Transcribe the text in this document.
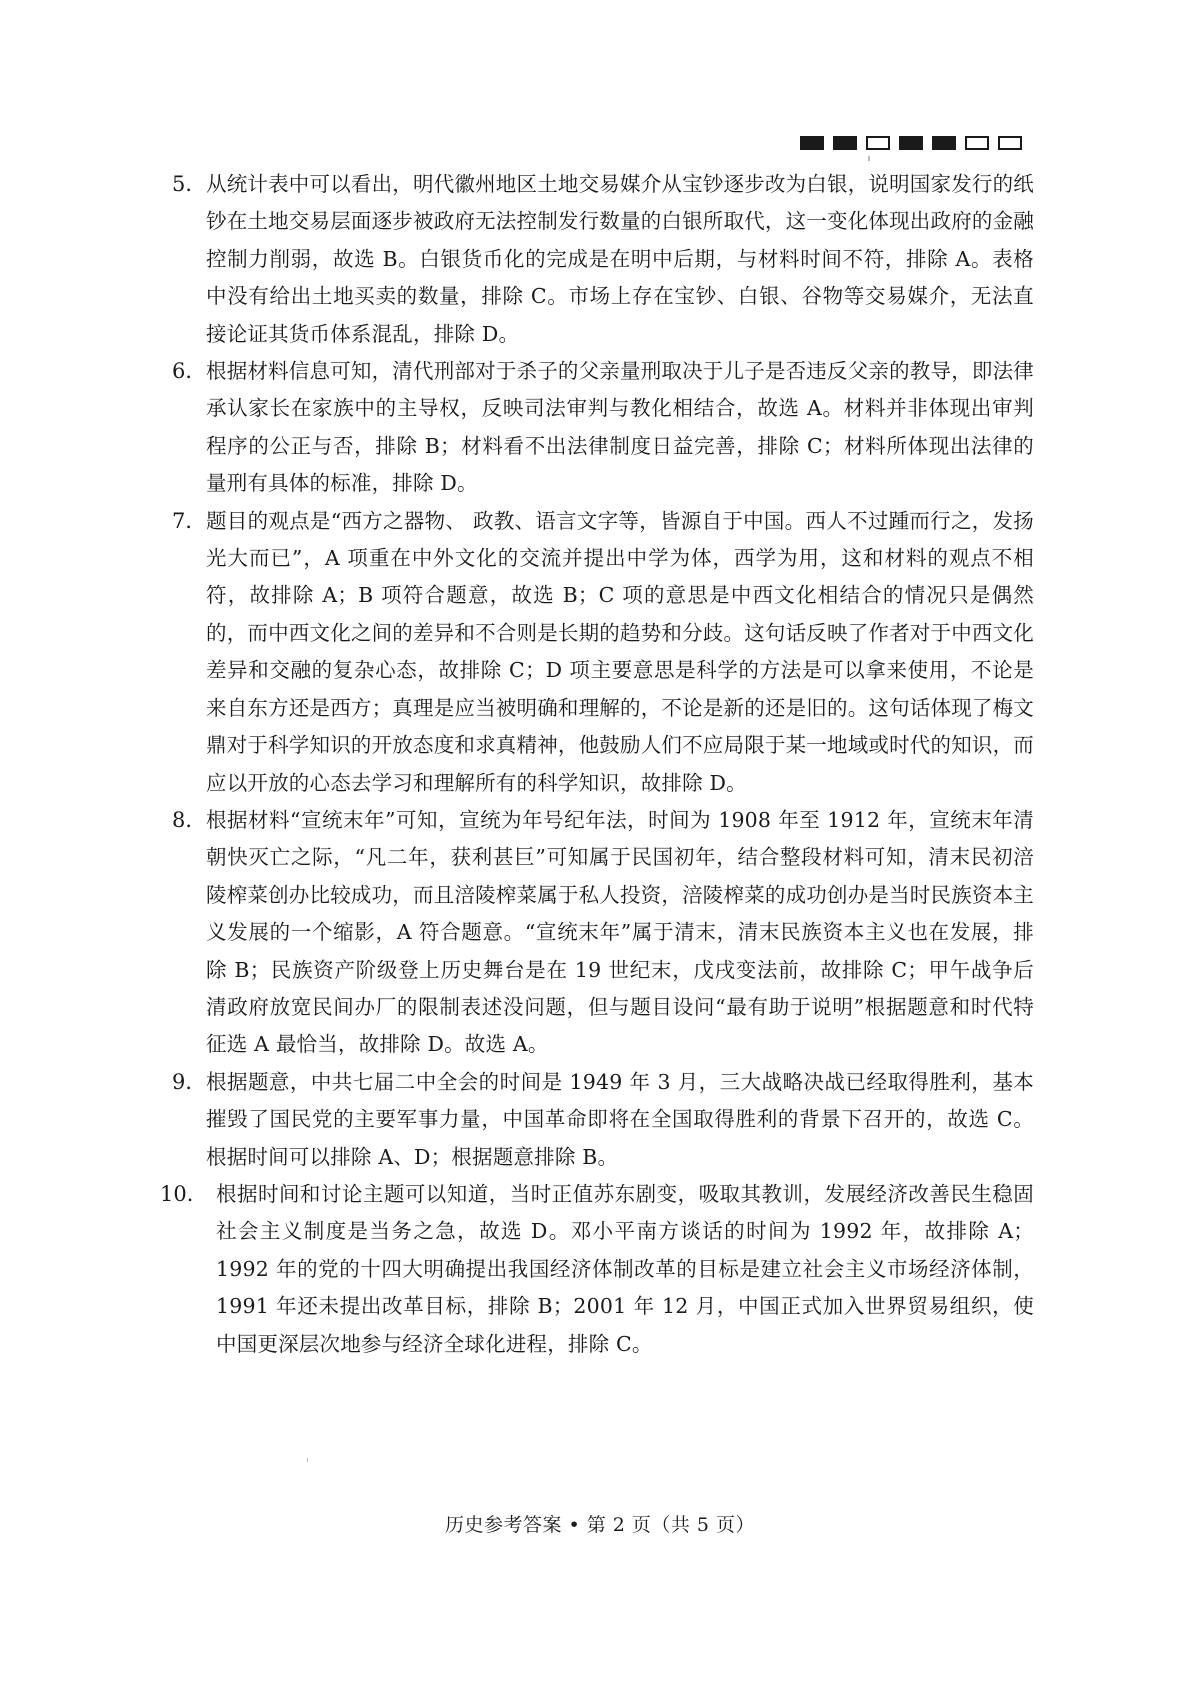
5． 从统计表中可以看出，明代徽州地区土地交易媒介从宝钞逐步改为白银，说明国家发行的纸钞在土地交易层面逐步被政府无法控制发行数量的白银所取代，这一变化体现出政府的金融控制力削弱，故选 B。白银货币化的完成是在明中后期，与材料时间不符，排除 A。表格中没有给出土地买卖的数量，排除 C。市场上存在宝钞、白银、谷物等交易媒介，无法直接论证其货币体系混乱，排除 D。

6． 根据材料信息可知，清代刑部对于杀子的父亲量刑取决于儿子是否违反父亲的教导，即法律承认家长在家族中的主导权，反映司法审判与教化相结合，故选 A。材料并非体现出审判程序的公正与否，排除 B；材料看不出法律制度日益完善，排除 C；材料所体现出法律的量刑有具体的标准，排除 D。

7． 题目的观点是“西方之器物、 政教、语言文字等，皆源自于中国。西人不过踵而行之，发扬光大而已”，A 项重在中外文化的交流并提出中学为体，西学为用，这和材料的观点不相符，故排除 A；B 项符合题意，故选 B；C 项的意思是中西文化相结合的情况只是偶然的，而中西文化之间的差异和不合则是长期的趋势和分歧。这句话反映了作者对于中西文化差异和交融的复杂心态，故排除 C；D 项主要意思是科学的方法是可以拿来使用，不论是来自东方还是西方；真理是应当被明确和理解的，不论是新的还是旧的。这句话体现了梅文鼎对于科学知识的开放态度和求真精神，他鼓励人们不应局限于某一地域或时代的知识，而应以开放的心态去学习和理解所有的科学知识，故排除 D。

8． 根据材料“宣统末年”可知，宣统为年号纪年法，时间为 1908 年至 1912 年，宣统末年清朝快灭亡之际，“凡二年，获利甚巨”可知属于民国初年，结合整段材料可知，清末民初涪陵榨菜创办比较成功，而且涪陵榨菜属于私人投资，涪陵榨菜的成功创办是当时民族资本主义发展的一个缩影，A 符合题意。“宣统末年”属于清末，清末民族资本主义也在发展，排除 B；民族资产阶级登上历史舞台是在 19 世纪末，戊戌变法前，故排除 C；甲午战争后清政府放宽民间办厂的限制表述没问题，但与题目设问“最有助于说明”根据题意和时代特征选 A 最恰当，故排除 D。故选 A。

9． 根据题意，中共七届二中全会的时间是 1949 年 3 月，三大战略决战已经取得胜利，基本摧毁了国民党的主要军事力量，中国革命即将在全国取得胜利的背景下召开的，故选 C。根据时间可以排除 A、D；根据题意排除 B。

10． 根据时间和讨论主题可以知道，当时正值苏东剧变，吸取其教训，发展经济改善民生稳固社会主义制度是当务之急，故选 D。邓小平南方谈话的时间为 1992 年，故排除 A；1992 年的党的十四大明确提出我国经济体制改革的目标是建立社会主义市场经济体制，1991 年还未提出改革目标，排除 B；2001 年 12 月，中国正式加入世界贸易组织，使中国更深层次地参与经济全球化进程，排除 C。

历史参考答案 • 第 2 页（共 5 页）
